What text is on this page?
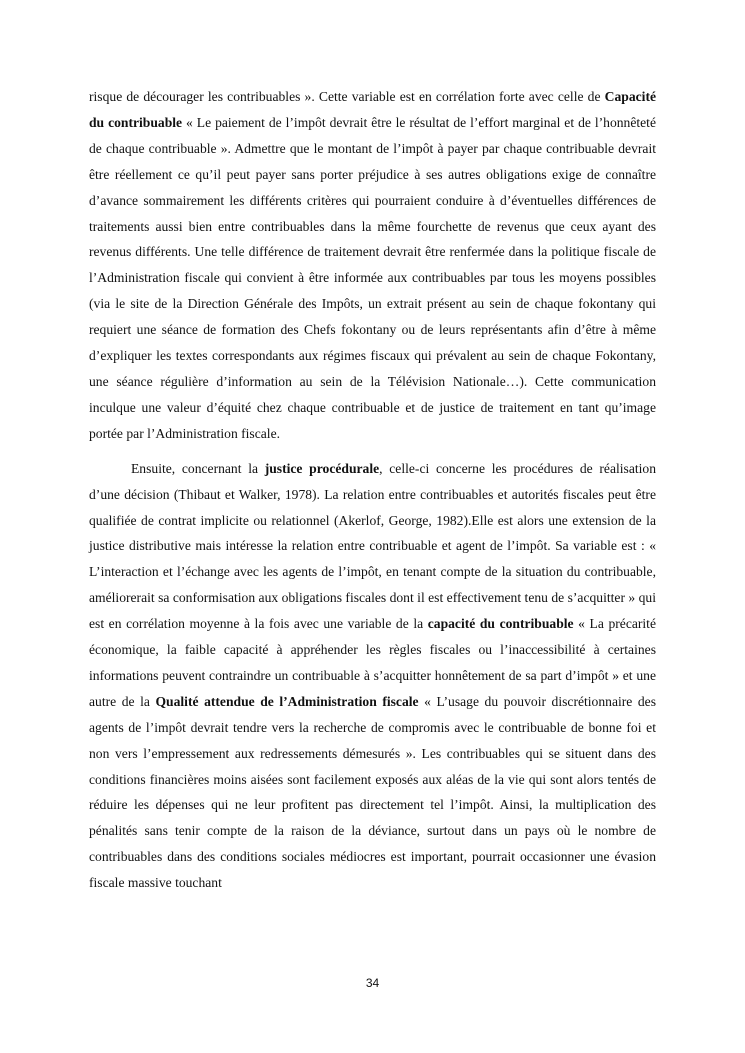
risque de décourager les contribuables ». Cette variable est en corrélation forte avec celle de Capacité du contribuable « Le paiement de l’impôt devrait être le résultat de l’effort marginal et de l’honnêteté de chaque contribuable ». Admettre que le montant de l’impôt à payer par chaque contribuable devrait être réellement ce qu’il peut payer sans porter préjudice à ses autres obligations exige de connaître d’avance sommairement les différents critères qui pourraient conduire à d’éventuelles différences de traitements aussi bien entre contribuables dans la même fourchette de revenus que ceux ayant des revenus différents. Une telle différence de traitement devrait être renfermée dans la politique fiscale de l’Administration fiscale qui convient à être informée aux contribuables par tous les moyens possibles (via le site de la Direction Générale des Impôts, un extrait présent au sein de chaque fokontany qui requiert une séance de formation des Chefs fokontany ou de leurs représentants afin d’être à même d’expliquer les textes correspondants aux régimes fiscaux qui prévalent au sein de chaque Fokontany, une séance régulière d’information au sein de la Télévision Nationale…). Cette communication inculque une valeur d’équité chez chaque contribuable et de justice de traitement en tant qu’image portée par l’Administration fiscale.

Ensuite, concernant la justice procédurale, celle-ci concerne les procédures de réalisation d’une décision (Thibaut et Walker, 1978). La relation entre contribuables et autorités fiscales peut être qualifiée de contrat implicite ou relationnel (Akerlof, George, 1982).Elle est alors une extension de la justice distributive mais intéresse la relation entre contribuable et agent de l’impôt. Sa variable est : « L’interaction et l’échange avec les agents de l’impôt, en tenant compte de la situation du contribuable, améliorerait sa conformisation aux obligations fiscales dont il est effectivement tenu de s’acquitter » qui est en corrélation moyenne à la fois avec une variable de la capacité du contribuable « La précarité économique, la faible capacité à appréhender les règles fiscales ou l’inaccessibilité à certaines informations peuvent contraindre un contribuable à s’acquitter honnêtement de sa part d’impôt » et une autre de la Qualité attendue de l’Administration fiscale « L’usage du pouvoir discrétionnaire des agents de l’impôt devrait tendre vers la recherche de compromis avec le contribuable de bonne foi et non vers l’empressement aux redressements démesurés ». Les contribuables qui se situent dans des conditions financières moins aisées sont facilement exposés aux aléas de la vie qui sont alors tentés de réduire les dépenses qui ne leur profitent pas directement tel l’impôt. Ainsi, la multiplication des pénalités sans tenir compte de la raison de la déviance, surtout dans un pays où le nombre de contribuables dans des conditions sociales médiocres est important, pourrait occasionner une évasion fiscale massive touchant

34
